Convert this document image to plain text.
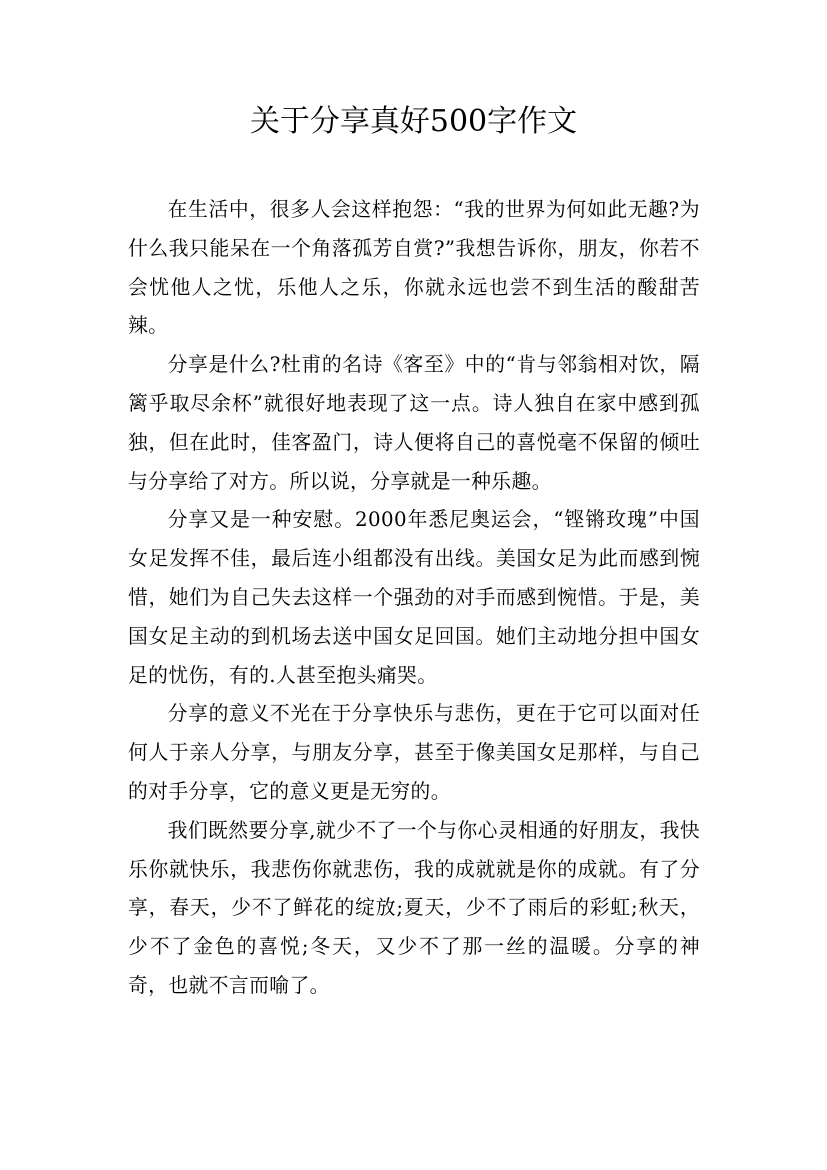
关于分享真好500字作文

在生活中，很多人会这样抱怨：“我的世界为何如此无趣?为什么我只能呆在一个角落孤芳自赏?”我想告诉你，朋友，你若不会忧他人之忧，乐他人之乐，你就永远也尝不到生活的酸甜苦辣。

分享是什么?杜甫的名诗《客至》中的“肯与邻翁相对饮，隔篱乎取尽余杯”就很好地表现了这一点。诗人独自在家中感到孤独，但在此时，佳客盈门，诗人便将自己的喜悦毫不保留的倾吐与分享给了对方。所以说，分享就是一种乐趣。

分享又是一种安慰。2000年悉尼奥运会，“铿锵玫瑰”中国女足发挥不佳，最后连小组都没有出线。美国女足为此而感到惋惜，她们为自己失去这样一个强劲的对手而感到惋惜。于是，美国女足主动的到机场去送中国女足回国。她们主动地分担中国女足的忧伤，有的.人甚至抱头痛哭。

分享的意义不光在于分享快乐与悲伤，更在于它可以面对任何人于亲人分享，与朋友分享，甚至于像美国女足那样，与自己的对手分享，它的意义更是无穷的。

我们既然要分享,就少不了一个与你心灵相通的好朋友，我快乐你就快乐，我悲伤你就悲伤，我的成就就是你的成就。有了分享，春天，少不了鲜花的绽放;夏天，少不了雨后的彩虹;秋天，少不了金色的喜悦;冬天，又少不了那一丝的温暖。分享的神奇，也就不言而喻了。
